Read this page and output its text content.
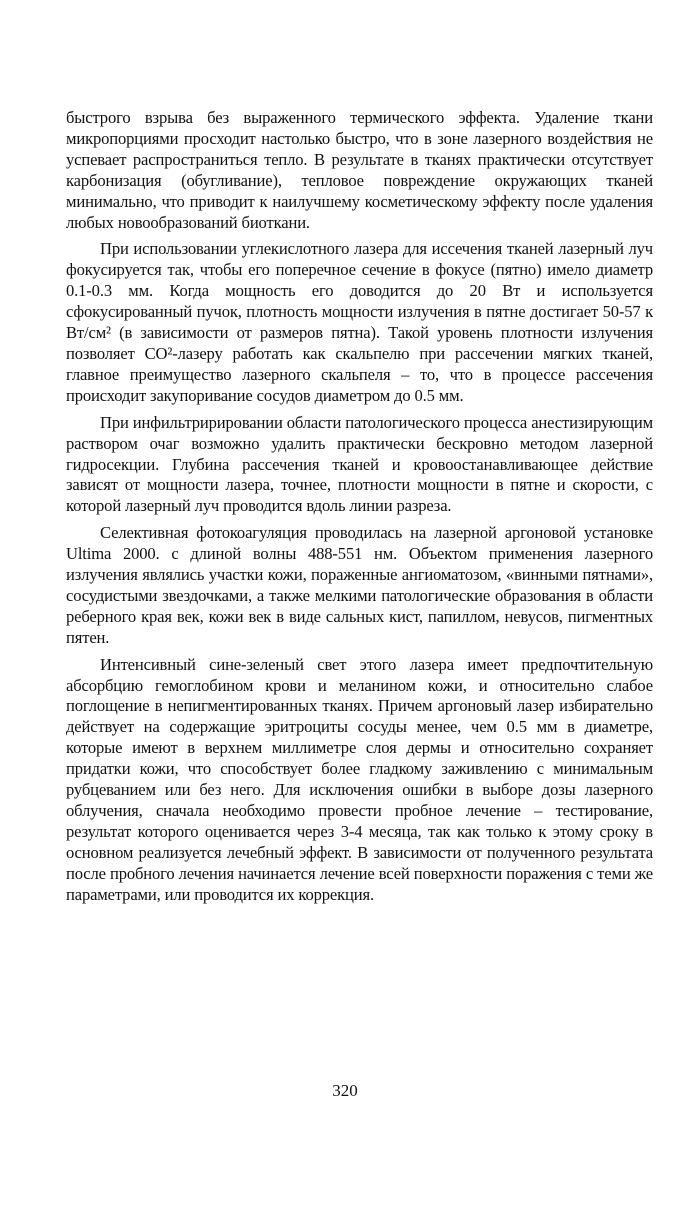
быстрого взрыва без выраженного термического эффекта. Удаление ткани микропорциями просходит настолько быстро, что в зоне лазерного воздействия не успевает распространиться тепло. В результате в тканях практически отсутствует карбонизация (обугливание), тепловое повреждение окружающих тканей минимально, что приводит к наилучшему косметическому эффекту после удаления любых новообразований биоткани.

При использовании углекислотного лазера для иссечения тканей лазерный луч фокусируется так, чтобы его поперечное сечение в фокусе (пятно) имело диаметр 0.1-0.3 мм. Когда мощность его доводится до 20 Вт и используется сфокусированный пучок, плотность мощности излучения в пятне достигает 50-57 к Вт/см² (в зависимости от размеров пятна). Такой уровень плотности излучения позволяет СО²-лазеру работать как скальпелю при рассечении мягких тканей, главное преимущество лазерного скальпеля – то, что в процессе рассечения происходит закупоривание сосудов диаметром до 0.5 мм.

При инфильтририровании области патологического процесса анестизирующим раствором очаг возможно удалить практически бескровно методом лазерной гидросекции. Глубина рассечения тканей и кровоостанавливающее действие зависят от мощности лазера, точнее, плотности мощности в пятне и скорости, с которой лазерный луч проводится вдоль линии разреза.

Селективная фотокоагуляция проводилась на лазерной аргоновой установке Ultima 2000. с длиной волны 488-551 нм. Объектом применения лазерного излучения являлись участки кожи, пораженные ангиоматозом, «винными пятнами», сосудистыми звездочками, а также мелкими патологические образования в области реберного края век, кожи век в виде сальных кист, папиллом, невусов, пигментных пятен.

Интенсивный сине-зеленый свет этого лазера имеет предпочтительную абсорбцию гемоглобином крови и меланином кожи, и относительно слабое поглощение в непигментированных тканях. Причем аргоновый лазер избирательно действует на содержащие эритроциты сосуды менее, чем 0.5 мм в диаметре, которые имеют в верхнем миллиметре слоя дермы и относительно сохраняет придатки кожи, что способствует более гладкому заживлению с минимальным рубцеванием или без него. Для исключения ошибки в выборе дозы лазерного облучения, сначала необходимо провести пробное лечение – тестирование, результат которого оценивается через 3-4 месяца, так как только к этому сроку в основном реализуется лечебный эффект. В зависимости от полученного результата после пробного лечения начинается лечение всей поверхности поражения с теми же параметрами, или проводится их коррекция.

320
